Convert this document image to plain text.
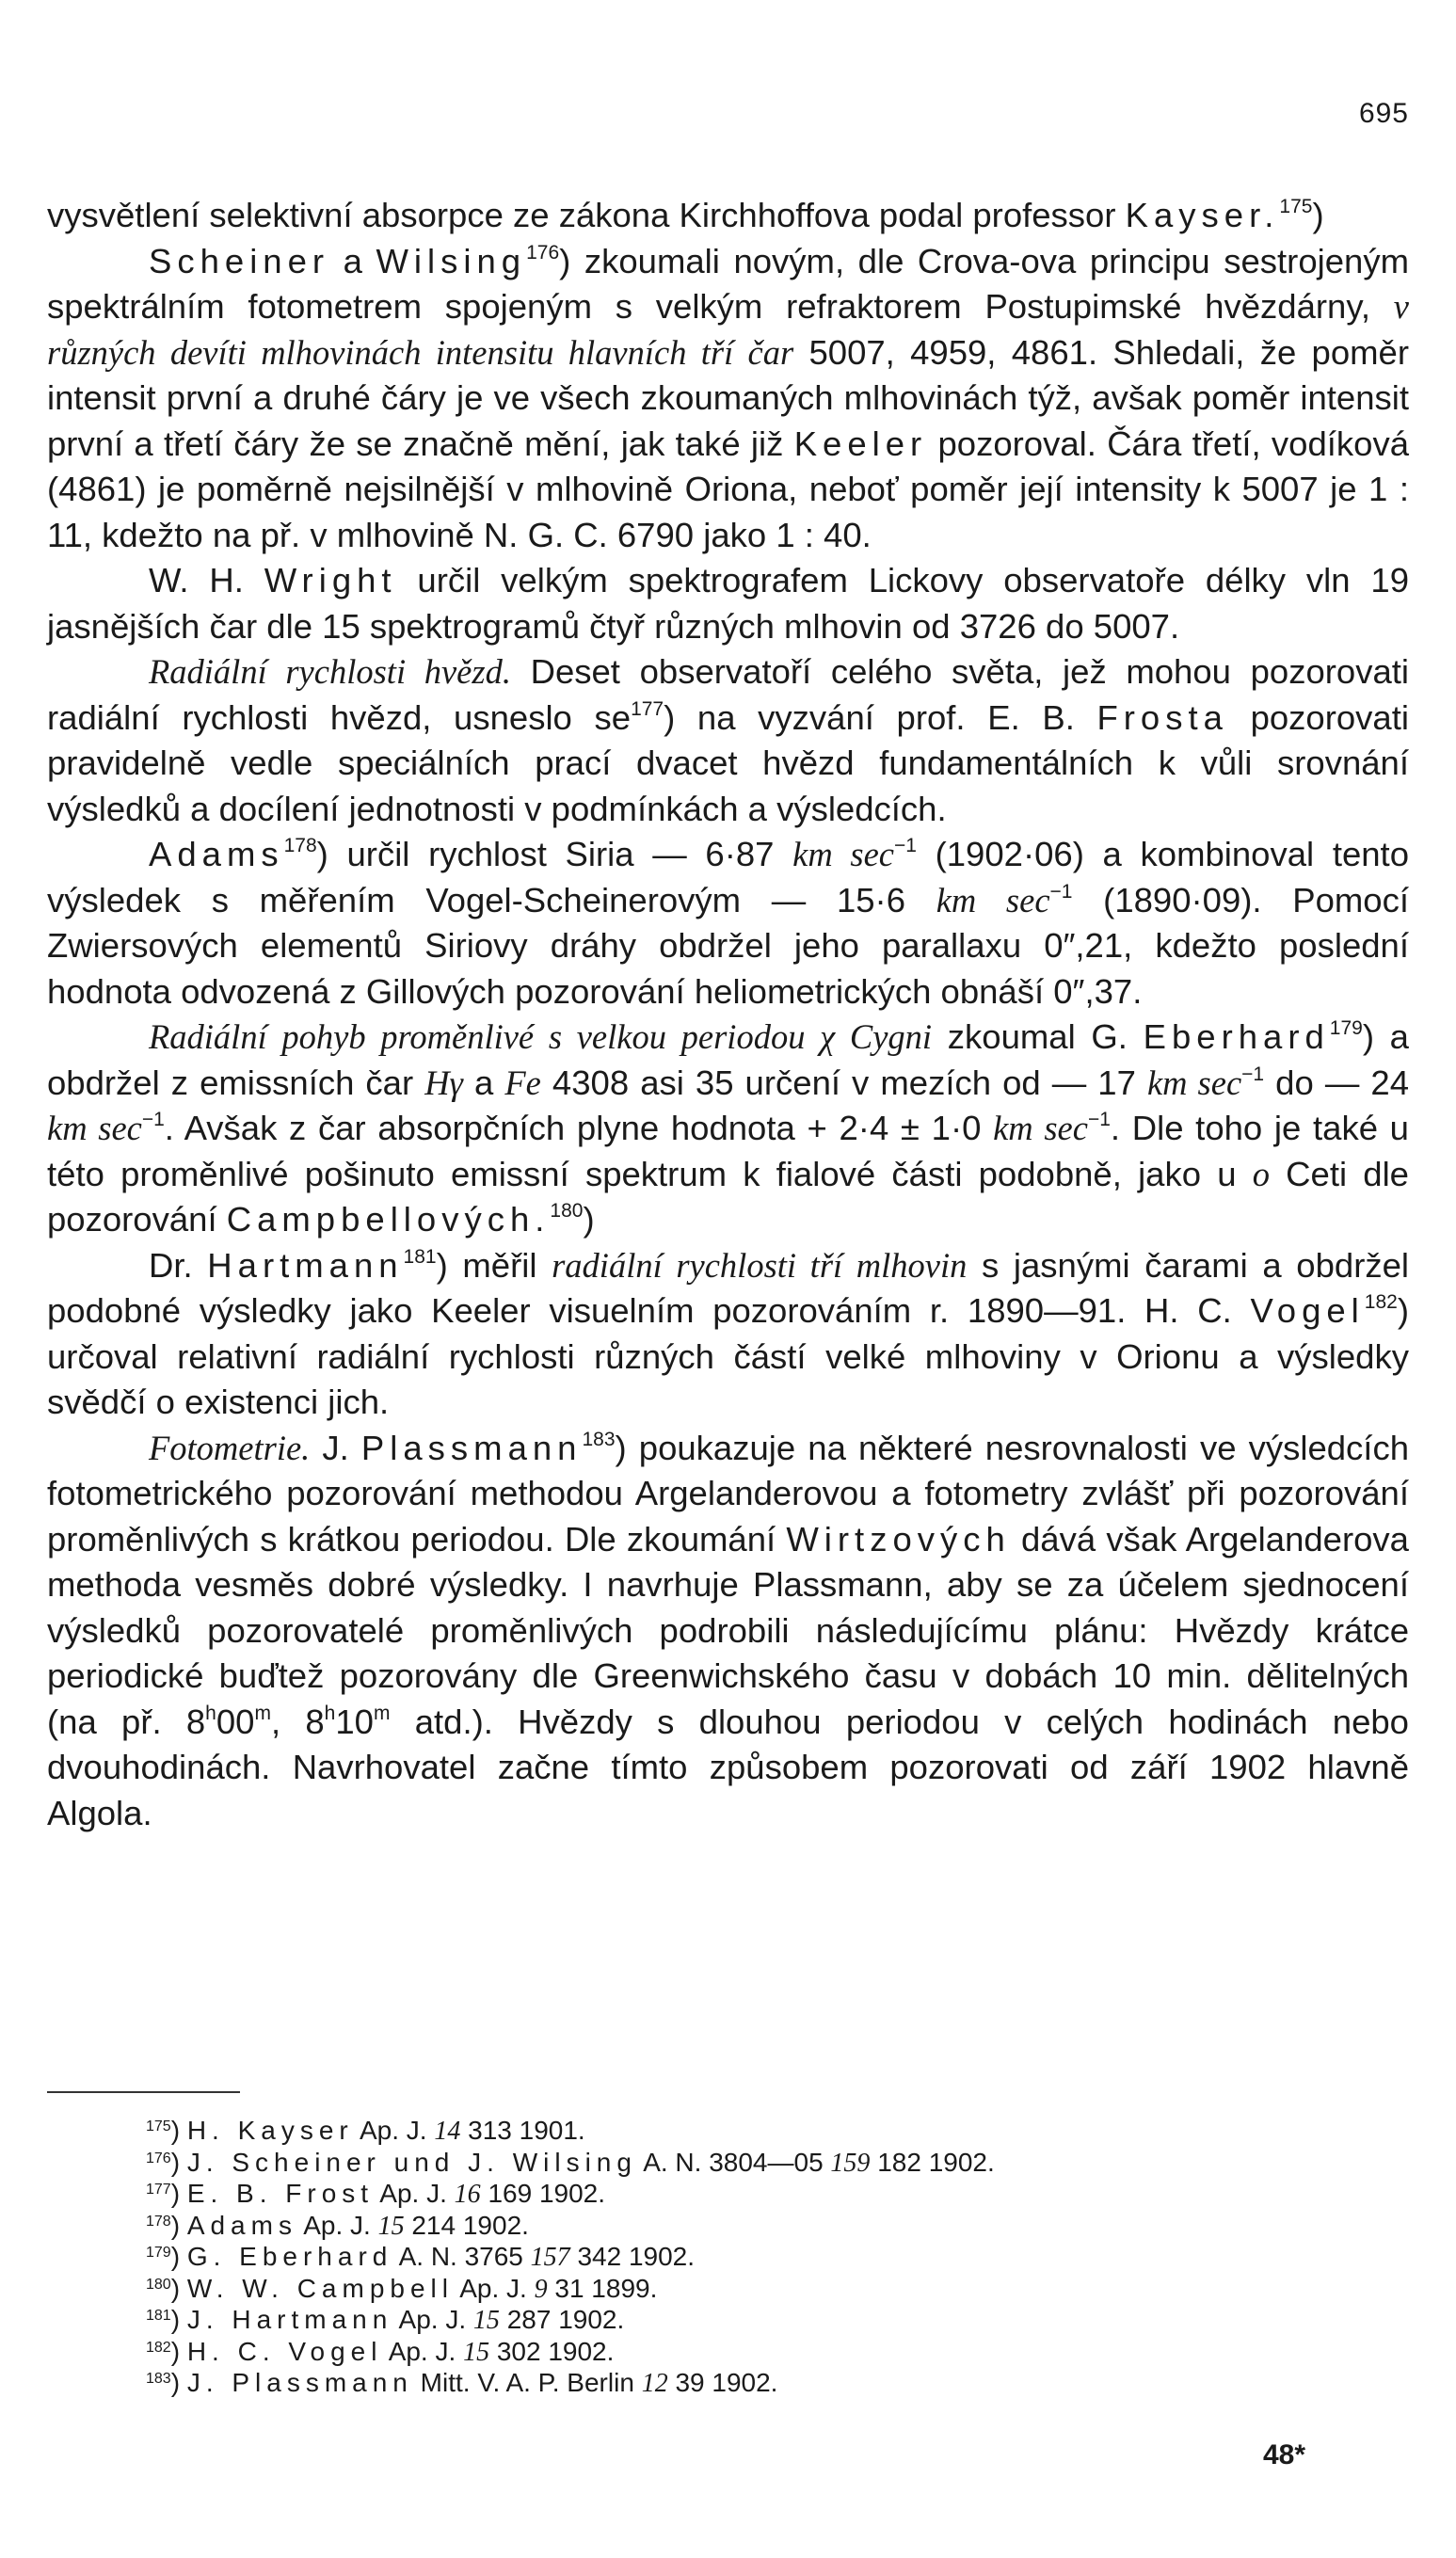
695

vysvětlení selektivní absorpce ze zákona Kirchhoffova podal professor Kayser.$^{175}$)

Scheiner a Wilsing$^{176}$) zkoumali novým, dle Crova-ova principu sestrojeným spektrálním fotometrem spojeným s velkým refraktorem Postupimské hvězdárny, v různých devíti mlhovinách intensitu hlavních tří čar 5007, 4959, 4861. Shledali, že poměr intensit první a druhé čáry je ve všech zkoumaných mlhovinách týž, avšak poměr intensit první a třetí čáry že se značně mění, jak také již Keeler pozoroval. Čára třetí, vodíková (4861) je poměrně nejsilnější v mlhovině Oriona, neboť poměr její intensity k 5007 je 1 : 11, kdežto na př. v mlhovině N. G. C. 6790 jako 1 : 40.

W. H. Wright určil velkým spektrografem Lickovy observatoře délky vln 19 jasnějších čar dle 15 spektrogramů čtyř různých mlhovin od 3726 do 5007.

Radiální rychlosti hvězd. Deset observatoří celého světa, jež mohou pozorovati radiální rychlosti hvězd, usneslo $se^{177}$) na vyzvání prof. E. B. Frosta pozorovati pravidelně vedle speciálních prací dvacet hvězd fundamentálních k vůli srovnání výsledků a docílení jednotnosti v podmínkách a výsledcích.

Adams$^{178}$) určil rychlost Siria — 6·87 km $\sec^{-1} (1902\cdot 06)$ a kombinoval tento výsledek s měřením Vogel-Scheinerovým — 15·6 km $\sec^{-1} (1890\cdot 09)$. Pomocí Zwiersových elementů Siriovy dráhy obdržel jeho parallaxu 0″,21, kdežto poslední hodnota odvozená z Gillových pozorování heliometrických obnáší 0″,37.

Radiální pohyb proměnlivé s velkou periodou χ Cygni zkoumal G. Eberhard$^{179}$) a obdržel z emissních čar Hγ a Fe 4308 asi 35 určení v mezích od — 17 km $\sec^{-1}$ do — 24 km $\sec^{-1}$. Avšak z čar absorpčních plyne hodnota + 2·4 ± 1·0 km $\sec^{-1}$. Dle toho je také u této proměnlivé pošinuto emissní spektrum k fialové části podobně, jako u o Ceti dle pozorování Campbellových.$^{180}$)

Dr. Hartmann$^{181}$) měřil radiální rychlosti tří mlhovin s jasnými čarami a obdržel podobné výsledky jako Keeler visuelním pozorováním r. 1890—91. H. C. Vogel$^{182}$) určoval relativní radiální rychlosti různých částí velké mlhoviny v Orionu a výsledky svědčí o existenci jich.

Fotometrie. J. Plassmann$^{183}$) poukazuje na některé nesrovnalosti ve výsledcích fotometrického pozorování methodou Argelanderovou a fotometry zvlášť při pozorování proměnlivých s krátkou periodou. Dle zkoumání Wirtzových dává však Argelanderova methoda vesměs dobré výsledky. I navrhuje Plassmann, aby se za účelem sjednocení výsledků pozorovatelé proměnlivých podrobili následujícímu plánu: Hvězdy krátce periodické buďtež pozorovány dle Greenwichského času v dobách 10 min. dělitelných (na př. 8$^h$00$^m$, 8$^h$10$^m$ atd.). Hvězdy s dlouhou periodou v celých hodinách nebo dvouhodinách. Navrhovatel začne tímto způsobem pozorovati od září 1902 hlavně Algola.

$^{175}$) H. Kayser Ap. J. 14 313 1901.
$^{176}$) J. Scheiner und J. Wilsing A. N. 3804—05 159 182 1902.
$^{177}$) E. B. Frost Ap. J. 16 169 1902.
$^{178}$) Adams Ap. J. 15 214 1902.
$^{179}$) G. Eberhard A. N. 3765 157 342 1902.
$^{180}$) W. W. Campbell Ap. J. 9 31 1899.
$^{181}$) J. Hartmann Ap. J. 15 287 1902.
$^{182}$) H. C. Vogel Ap. J. 15 302 1902.
$^{183}$) J. Plassmann Mitt. V. A. P. Berlin 12 39 1902.
48*
